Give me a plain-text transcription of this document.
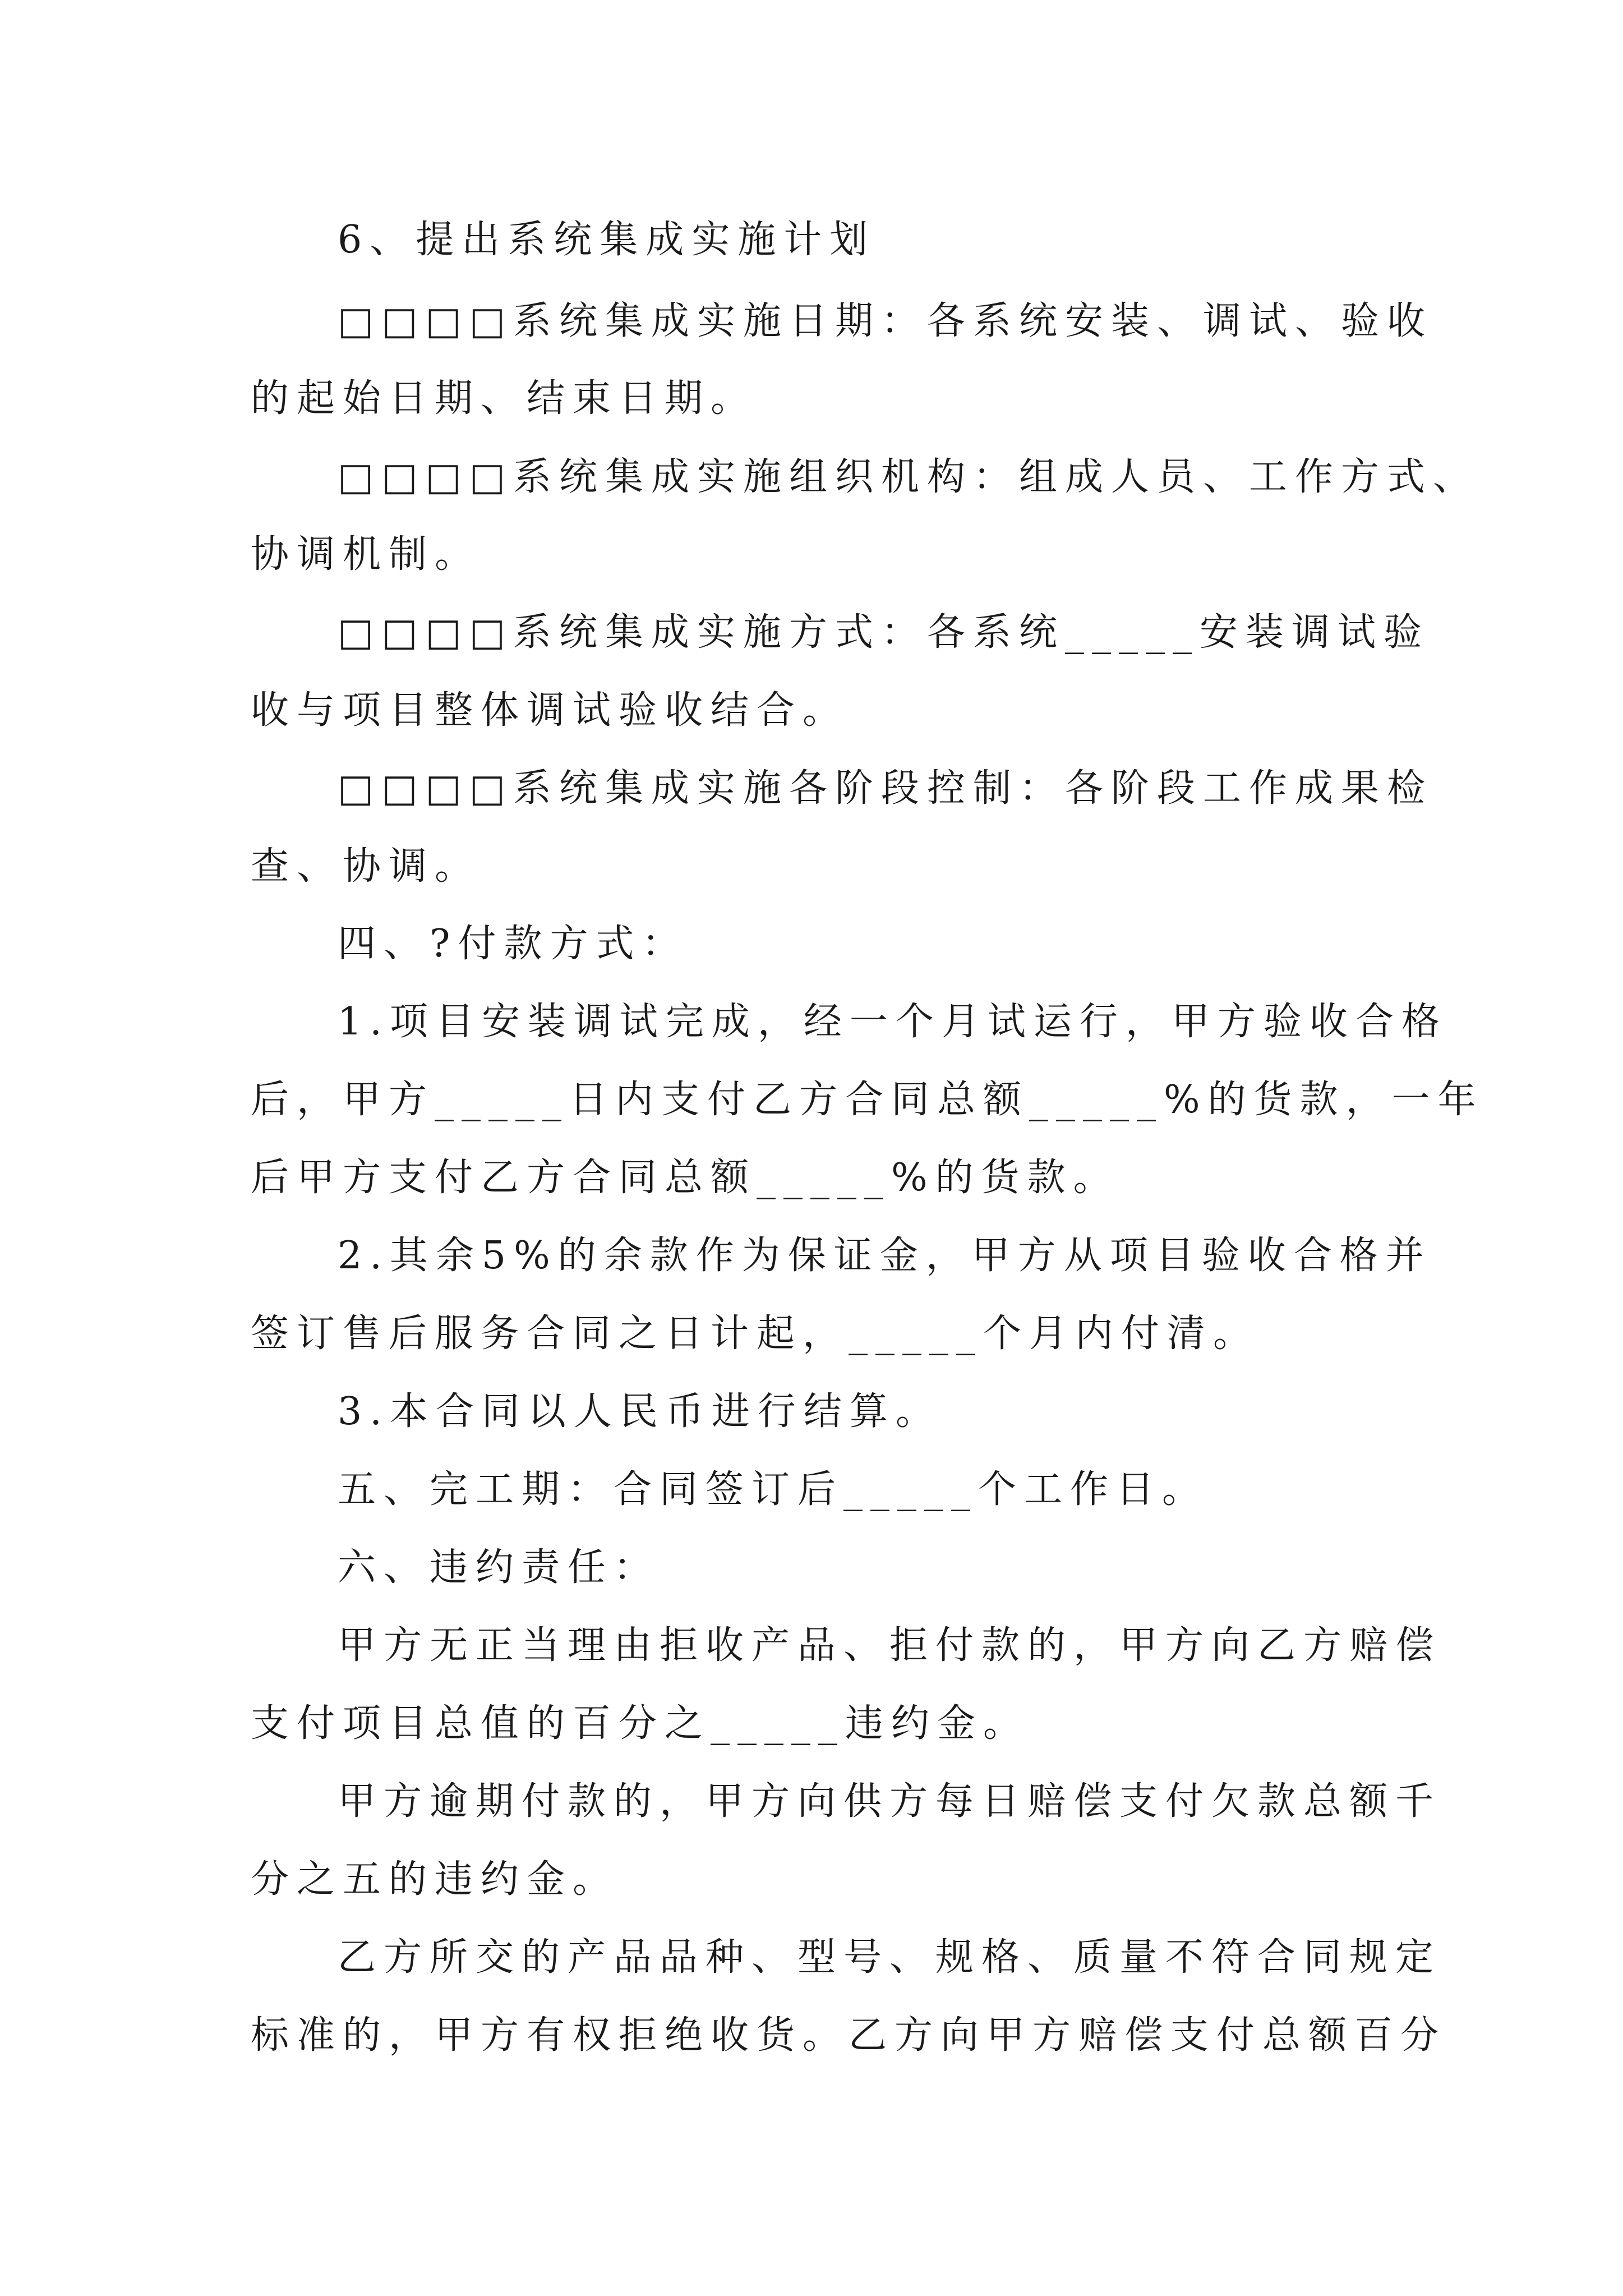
6、提出系统集成实施计划
□□□□系统集成实施日期：各系统安装、调试、验收
的起始日期、结束日期。
□□□□系统集成实施组织机构：组成人员、工作方式、
协调机制。
□□□□系统集成实施方式：各系统_____安装调试验
收与项目整体调试验收结合。
□□□□系统集成实施各阶段控制：各阶段工作成果检
查、协调。
四、?付款方式：
1.项目安装调试完成，经一个月试运行，甲方验收合格
后，甲方_____日内支付乙方合同总额_____%的货款，一年
后甲方支付乙方合同总额_____%的货款。
2.其余5%的余款作为保证金，甲方从项目验收合格并
签订售后服务合同之日计起，_____个月内付清。
3.本合同以人民币进行结算。
五、完工期：合同签订后_____个工作日。
六、违约责任：
甲方无正当理由拒收产品、拒付款的，甲方向乙方赔偿
支付项目总值的百分之_____违约金。
甲方逾期付款的，甲方向供方每日赔偿支付欠款总额千
分之五的违约金。
乙方所交的产品品种、型号、规格、质量不符合同规定
标准的，甲方有权拒绝收货。乙方向甲方赔偿支付总额百分
